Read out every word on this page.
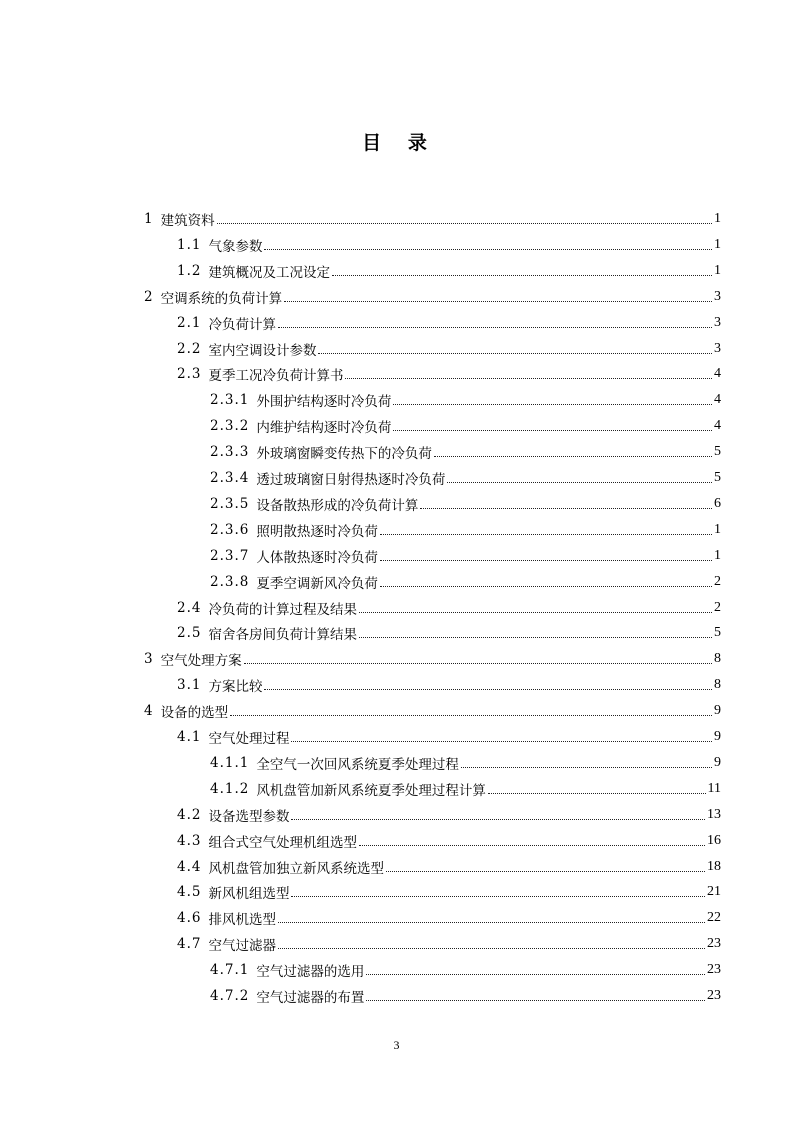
目 录
1 建筑资料	1
1.1 气象参数	1
1.2 建筑概况及工况设定	1
2 空调系统的负荷计算	3
2.1 冷负荷计算	3
2.2 室内空调设计参数	3
2.3 夏季工况冷负荷计算书	4
2.3.1 外围护结构逐时冷负荷	4
2.3.2 内维护结构逐时冷负荷	4
2.3.3 外玻璃窗瞬变传热下的冷负荷	5
2.3.4 透过玻璃窗日射得热逐时冷负荷	5
2.3.5 设备散热形成的冷负荷计算	6
2.3.6 照明散热逐时冷负荷	1
2.3.7 人体散热逐时冷负荷	1
2.3.8 夏季空调新风冷负荷	2
2.4 冷负荷的计算过程及结果	2
2.5 宿舍各房间负荷计算结果	5
3 空气处理方案	8
3.1 方案比较	8
4 设备的选型	9
4.1 空气处理过程	9
4.1.1 全空气一次回风系统夏季处理过程	9
4.1.2 风机盘管加新风系统夏季处理过程计算	11
4.2 设备选型参数	13
4.3 组合式空气处理机组选型	16
4.4 风机盘管加独立新风系统选型	18
4.5 新风机组选型	21
4.6 排风机选型	22
4.7 空气过滤器	23
4.7.1 空气过滤器的选用	23
4.7.2 空气过滤器的布置	23
3
